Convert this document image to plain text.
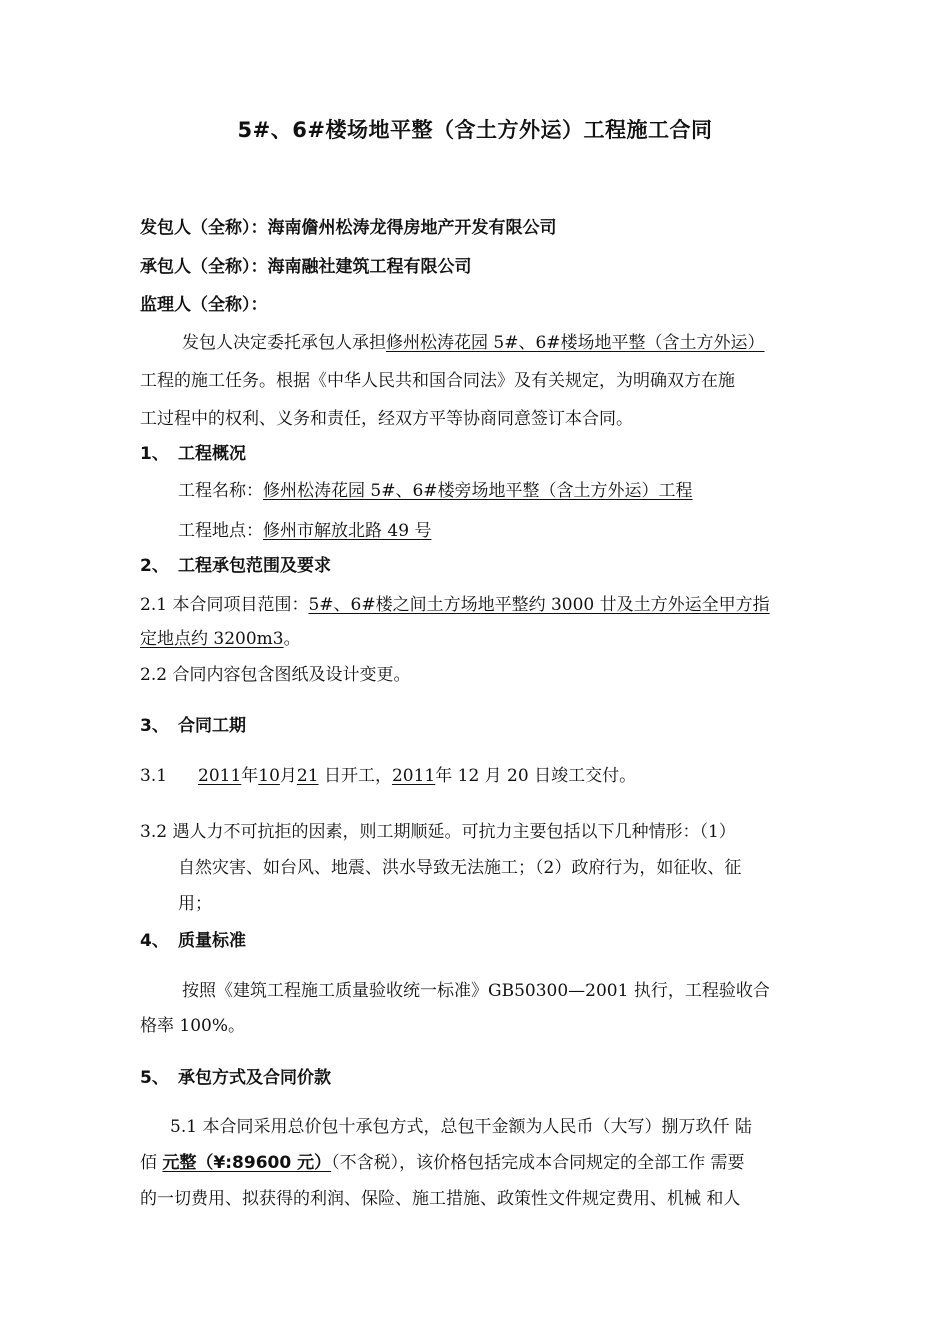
5#、6#楼场地平整（含土方外运）工程施工合同
发包人（全称）：海南儋州松涛龙得房地产开发有限公司
承包人（全称）：海南融社建筑工程有限公司
监理人（全称）：
发包人决定委托承包人承担修州松涛花园 5#、6#楼场地平整（含土方外运）
工程的施工任务。根据《中华人民共和国合同法》及有关规定，为明确双方在施
工过程中的权利、义务和责任，经双方平等协商同意签订本合同。
1、 工程概况
工程名称：修州松涛花园 5#、6#楼旁场地平整（含土方外运）工程
工程地点：修州市解放北路 49 号
2、 工程承包范围及要求
2.1 本合同项目范围：5#、6#楼之间土方场地平整约 3000 廿及土方外运全甲方指
定地点约 3200m3。
2.2 合同内容包含图纸及设计变更。
3、 合同工期
3.1 2011年10月21 日开工，2011年 12 月 20 日竣工交付。
3.2 遇人力不可抗拒的因素，则工期顺延。可抗力主要包括以下几种情形：（1）
自然灾害、如台风、地震、洪水导致无法施工；（2）政府行为，如征收、征
用；
4、 质量标准
按照《建筑工程施工质量验收统一标准》GB50300—2001 执行，工程验收合
格率 100%。
5、 承包方式及合同价款
5.1 本合同采用总价包十承包方式，总包干金额为人民币（大写）捌万玖仟 陆
佰 元整（¥:89600 元）（不含税），该价格包括完成本合同规定的全部工作 需要
的一切费用、拟获得的利润、保险、施工措施、政策性文件规定费用、机械 和人
